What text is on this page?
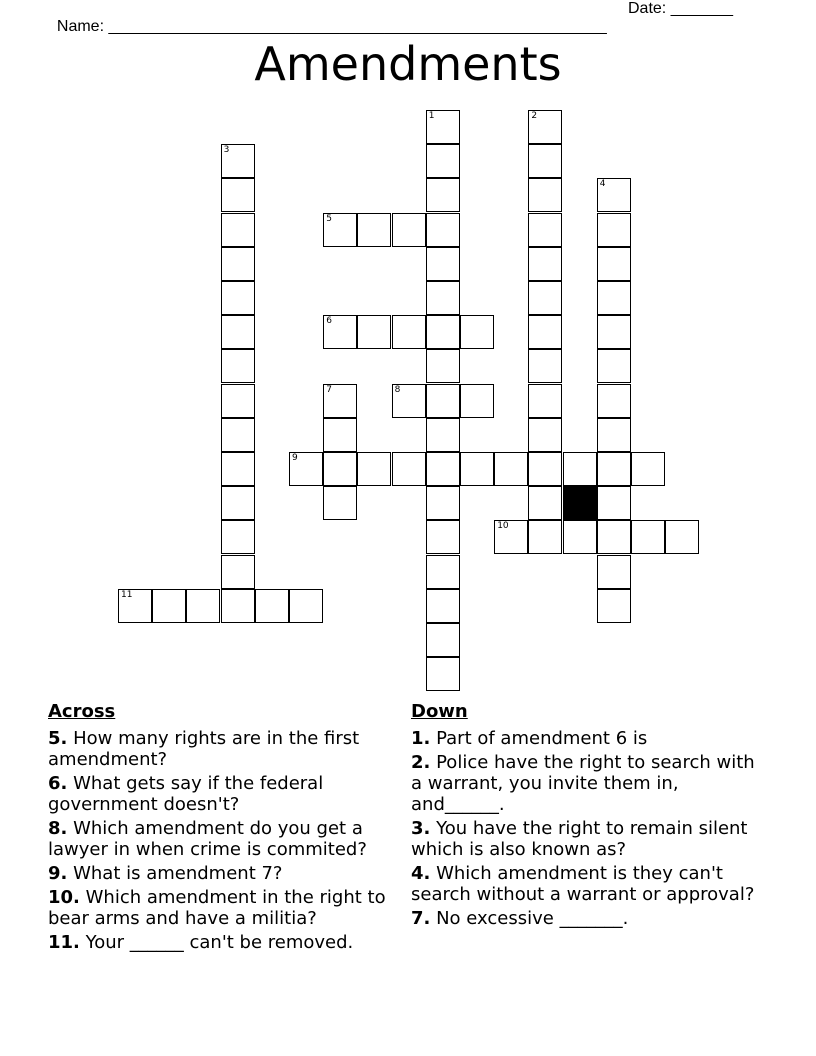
Name: ________________________________________________________

Date: _______

Amendments
1	2
3
4
5
6
7	8
9
10
11
Across
5. How many rights are in the first amendment?
6. What gets say if the federal government doesn't?
8. Which amendment do you get a lawyer in when crime is commited?
9. What is amendment 7?
10. Which amendment in the right to bear arms and have a militia?
11. Your ______ can't be removed.
Down
1. Part of amendment 6 is
2. Police have the right to search with a warrant, you invite them in, and______.
3. You have the right to remain silent which is also known as?
4. Which amendment is they can't search without a warrant or approval?
7. No excessive _______.
